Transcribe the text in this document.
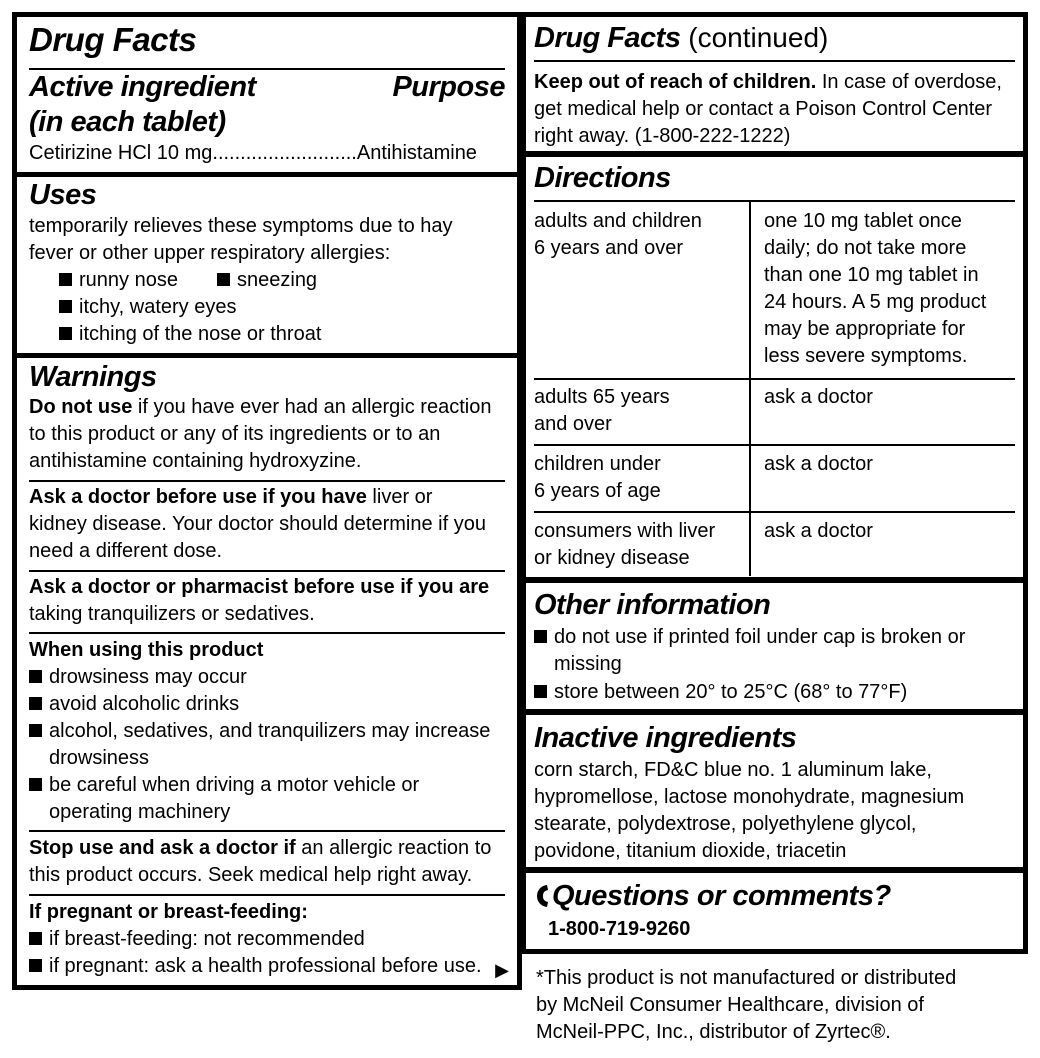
Drug Facts
Active ingredient
(in each tablet)
Purpose
Cetirizine HCl 10 mg..........................Antihistamine
Uses
temporarily relieves these symptoms due to hay
fever or other upper respiratory allergies:
runny nose	sneezing
itchy, watery eyes
itching of the nose or throat
Warnings
Do not use if you have ever had an allergic reaction
to this product or any of its ingredients or to an
antihistamine containing hydroxyzine.
Ask a doctor before use if you have liver or
kidney disease. Your doctor should determine if you
need a different dose.
Ask a doctor or pharmacist before use if you are
taking tranquilizers or sedatives.
When using this product
drowsiness may occur
avoid alcoholic drinks
alcohol, sedatives, and tranquilizers may increase
drowsiness
be careful when driving a motor vehicle or
operating machinery
Stop use and ask a doctor if an allergic reaction to
this product occurs. Seek medical help right away.
If pregnant or breast-feeding:
if breast-feeding: not recommended
if pregnant: ask a health professional before use. ▶
Drug Facts (continued)
Keep out of reach of children. In case of overdose,
get medical help or contact a Poison Control Center
right away. (1-800-222-1222)
Directions
adults and children
6 years and over
one 10 mg tablet once
daily; do not take more
than one 10 mg tablet in
24 hours. A 5 mg product
may be appropriate for
less severe symptoms.
adults 65 years
and over
ask a doctor
children under
6 years of age
ask a doctor
consumers with liver
or kidney disease
ask a doctor
Other information
do not use if printed foil under cap is broken or
missing
store between 20° to 25°C (68° to 77°F)
Inactive ingredients
corn starch, FD&C blue no. 1 aluminum lake,
hypromellose, lactose monohydrate, magnesium
stearate, polydextrose, polyethylene glycol,
povidone, titanium dioxide, triacetin
Questions or comments?
1-800-719-9260
*This product is not manufactured or distributed
by McNeil Consumer Healthcare, division of
McNeil-PPC, Inc., distributor of Zyrtec®.
